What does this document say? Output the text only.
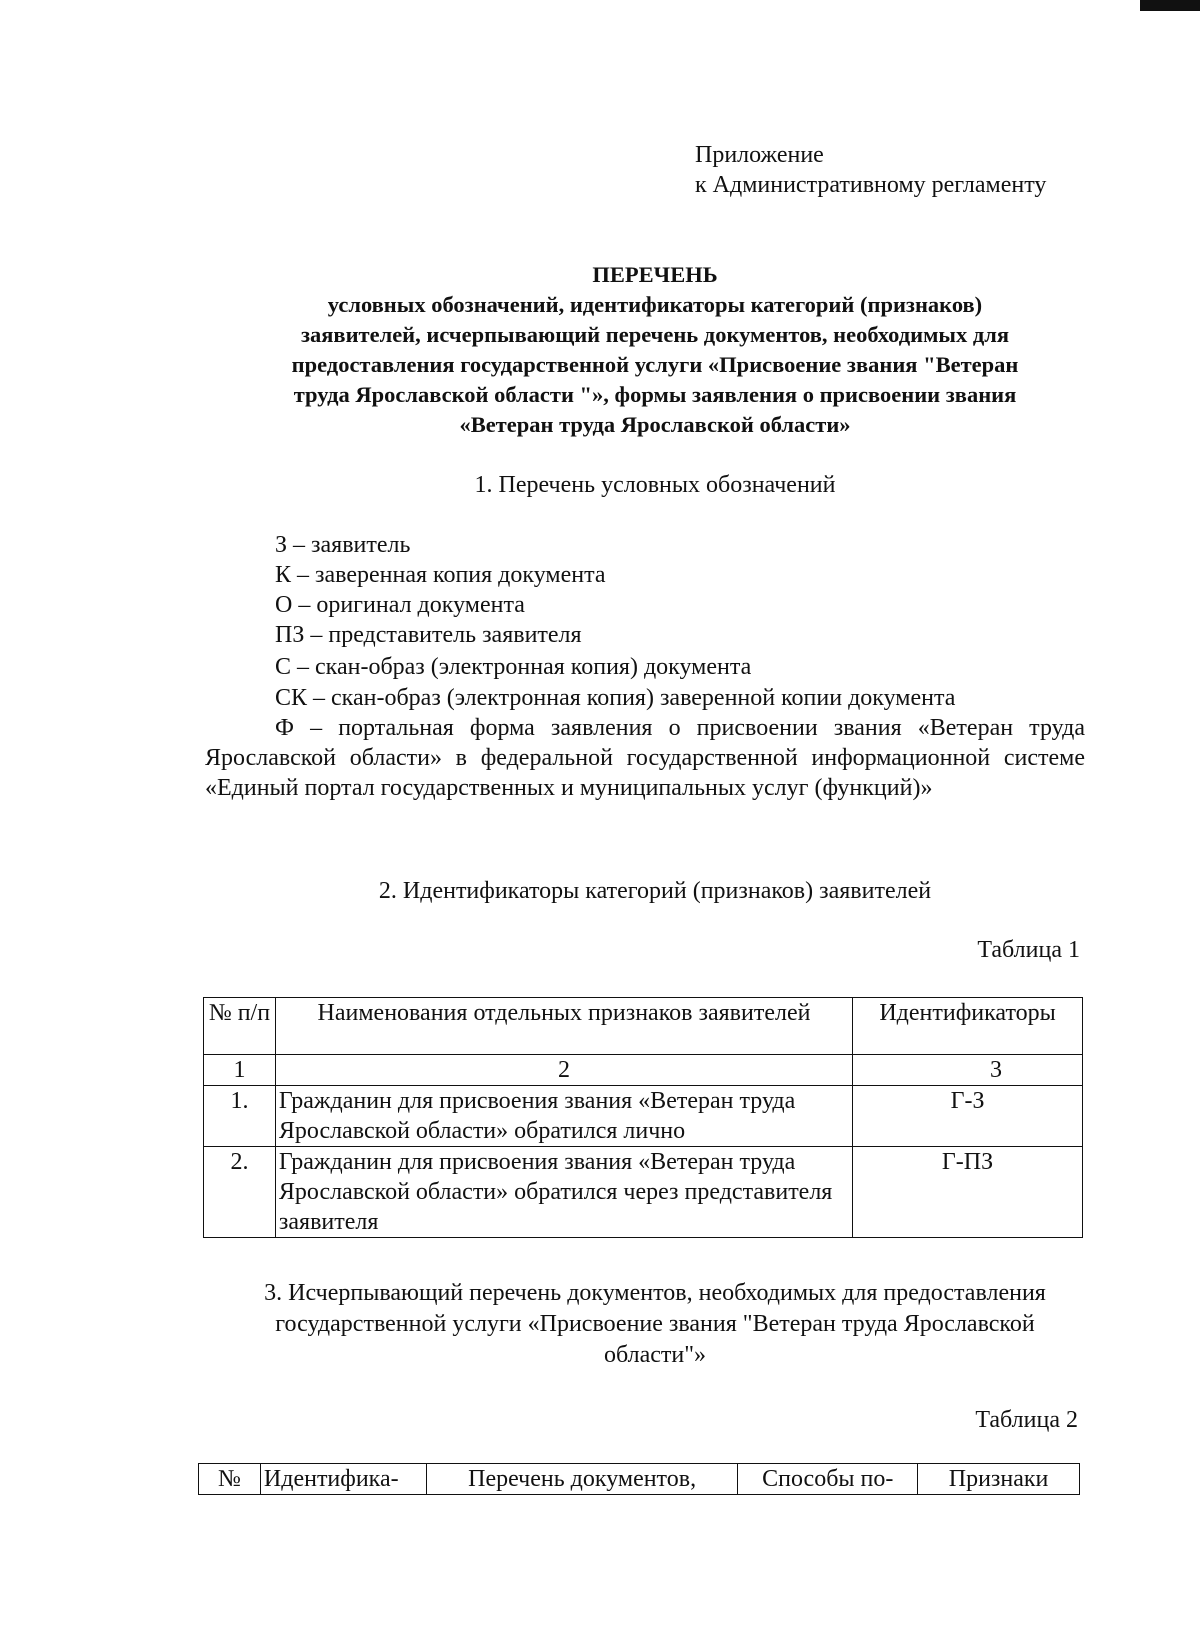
Приложение
к Административному регламенту
ПЕРЕЧЕНЬ
условных обозначений, идентификаторы категорий (признаков)
заявителей, исчерпывающий перечень документов, необходимых для
предоставления государственной услуги «Присвоение звания "Ветеран
труда Ярославской области "», формы заявления о присвоении звания
«Ветеран труда Ярославской области»
1. Перечень условных обозначений
З – заявитель
К – заверенная копия документа
О – оригинал документа
ПЗ – представитель заявителя
С – скан-образ (электронная копия) документа
СК – скан-образ (электронная копия) заверенной копии документа
Ф – портальная форма заявления о присвоении звания «Ветеран труда Ярославской области» в федеральной государственной информационной системе «Единый портал государственных и муниципальных услуг (функций)»
2. Идентификаторы категорий (признаков) заявителей
Таблица 1
№ п/п	Наименования отдельных признаков заявителей	Идентификаторы
1	2	3
1.	Гражданин для присвоения звания «Ветеран труда Ярославской области» обратился лично	Г-З
2.	Гражданин для присвоения звания «Ветеран труда Ярославской области» обратился через представителя заявителя	Г-ПЗ
3. Исчерпывающий перечень документов, необходимых для предоставления
государственной услуги «Присвоение звания "Ветеран труда Ярославской
области"»
Таблица 2
№	Идентифика-	Перечень документов,	Способы по-	Признаки
